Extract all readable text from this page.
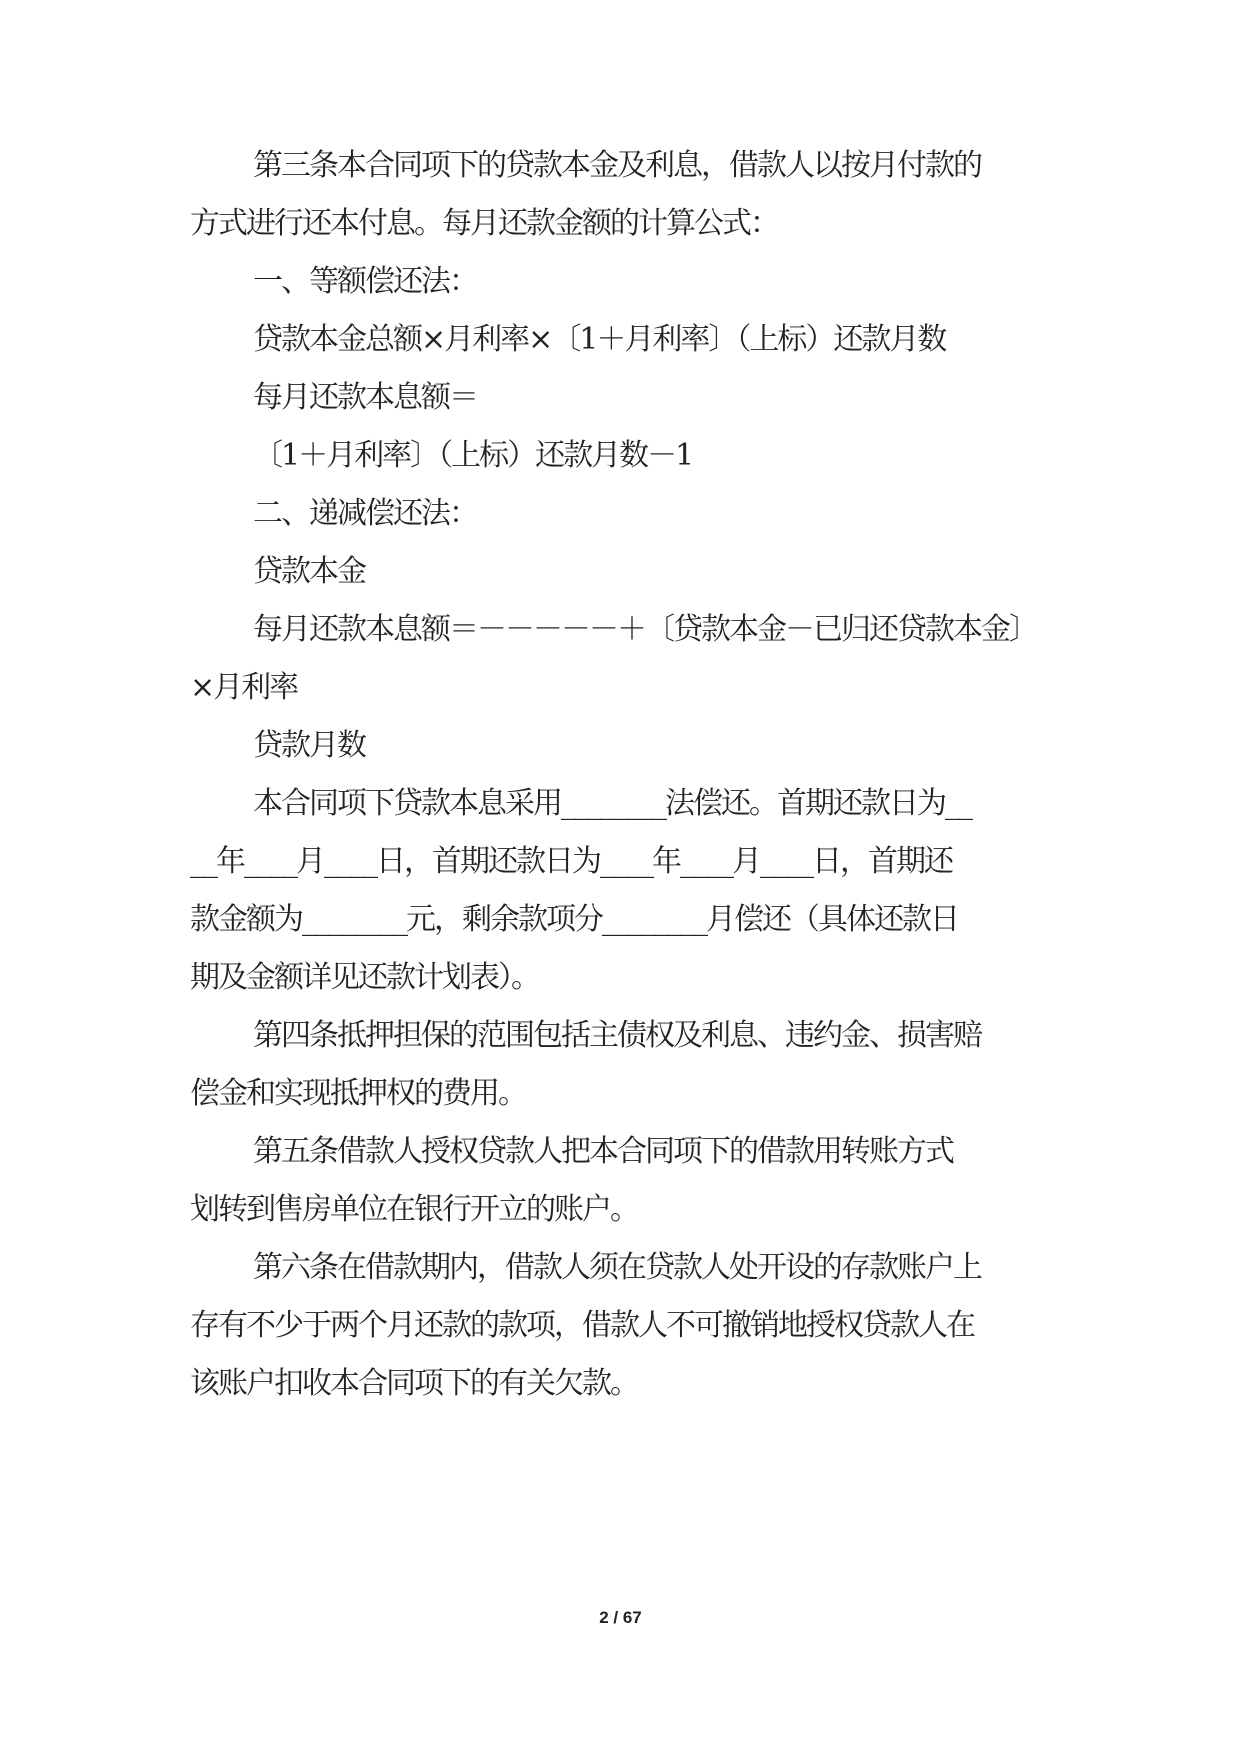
第三条本合同项下的贷款本金及利息，借款人以按月付款的
方式进行还本付息。每月还款金额的计算公式：
一、等额偿还法：
贷款本金总额×月利率×〔1＋月利率〕（上标）还款月数
每月还款本息额＝
〔1＋月利率〕（上标）还款月数－1
二、递减偿还法：
贷款本金
每月还款本息额＝－－－－－＋〔贷款本金－已归还贷款本金〕
×月利率
贷款月数
本合同项下贷款本息采用________法偿还。首期还款日为__
__年____月____日，首期还款日为____年____月____日，首期还
款金额为________元，剩余款项分________月偿还（具体还款日
期及金额详见还款计划表）。
第四条抵押担保的范围包括主债权及利息、违约金、损害赔
偿金和实现抵押权的费用。
第五条借款人授权贷款人把本合同项下的借款用转账方式
划转到售房单位在银行开立的账户。
第六条在借款期内，借款人须在贷款人处开设的存款账户上
存有不少于两个月还款的款项，借款人不可撤销地授权贷款人在
该账户扣收本合同项下的有关欠款。
2 / 67
